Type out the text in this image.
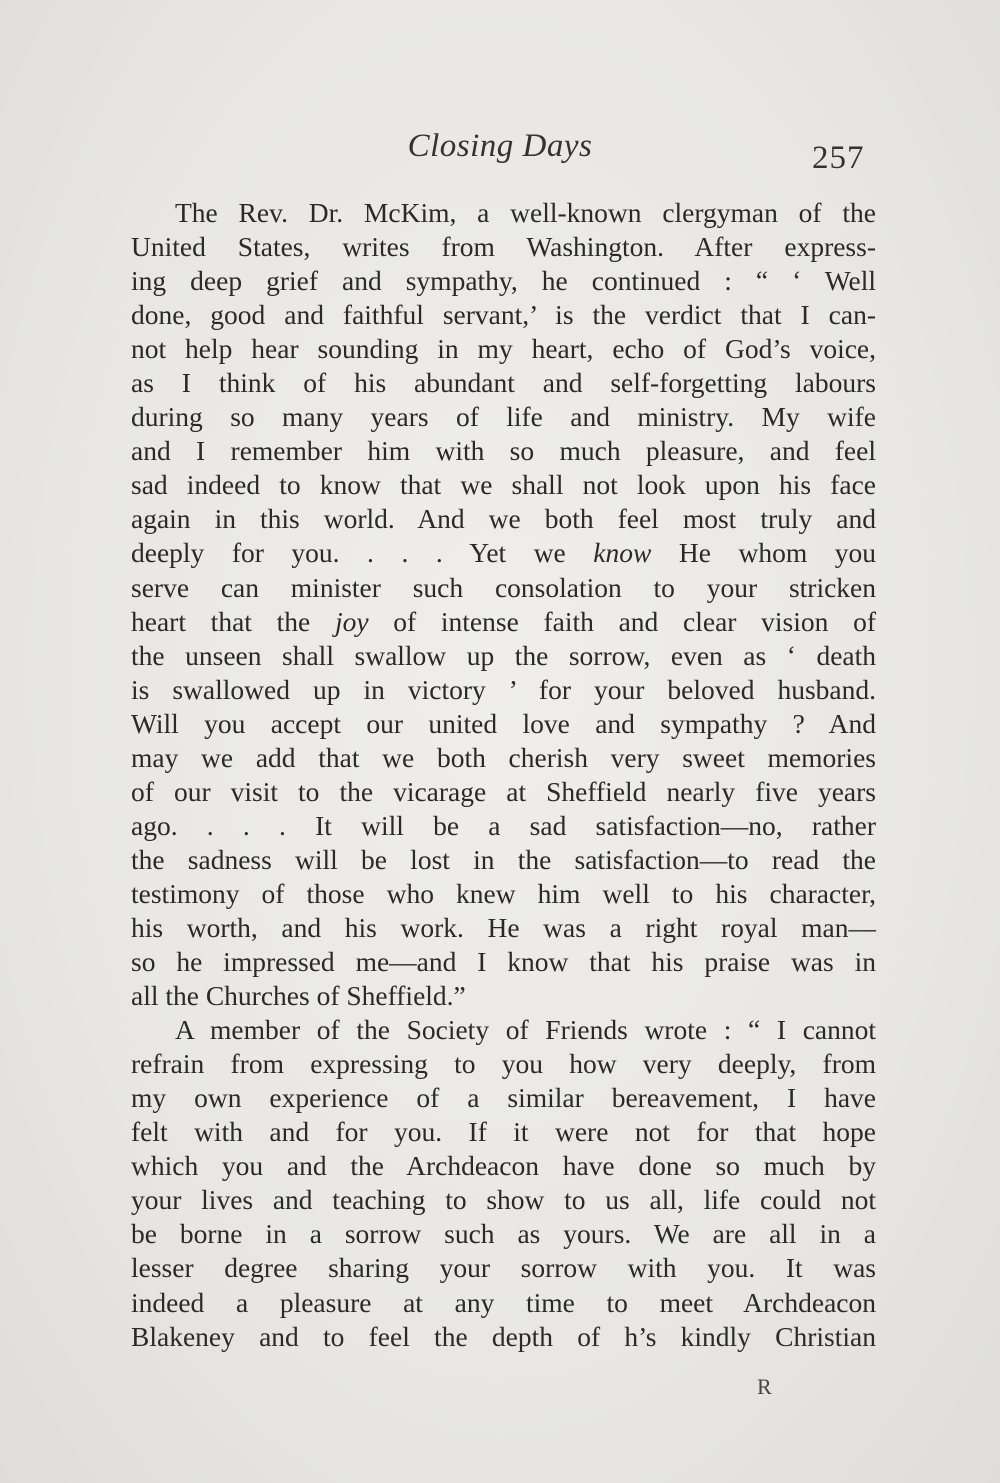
Closing Days	257
The Rev. Dr. McKim, a well-known clergyman of the
United States, writes from Washington. After express-
ing deep grief and sympathy, he continued : “ ‘ Well
done, good and faithful servant,’ is the verdict that I can-
not help hear sounding in my heart, echo of God’s voice,
as I think of his abundant and self-forgetting labours
during so many years of life and ministry. My wife
and I remember him with so much pleasure, and feel
sad indeed to know that we shall not look upon his face
again in this world. And we both feel most truly and
deeply for you. . . . Yet we know He whom you
serve can minister such consolation to your stricken
heart that the joy of intense faith and clear vision of
the unseen shall swallow up the sorrow, even as ‘ death
is swallowed up in victory ’ for your beloved husband.
Will you accept our united love and sympathy ? And
may we add that we both cherish very sweet memories
of our visit to the vicarage at Sheffield nearly five years
ago. . . . It will be a sad satisfaction—no, rather
the sadness will be lost in the satisfaction—to read the
testimony of those who knew him well to his character,
his worth, and his work. He was a right royal man—
so he impressed me—and I know that his praise was in
all the Churches of Sheffield.”
A member of the Society of Friends wrote : “ I cannot
refrain from expressing to you how very deeply, from
my own experience of a similar bereavement, I have
felt with and for you. If it were not for that hope
which you and the Archdeacon have done so much by
your lives and teaching to show to us all, life could not
be borne in a sorrow such as yours. We are all in a
lesser degree sharing your sorrow with you. It was
indeed a pleasure at any time to meet Archdeacon
Blakeney and to feel the depth of h’s kindly Christian
R
